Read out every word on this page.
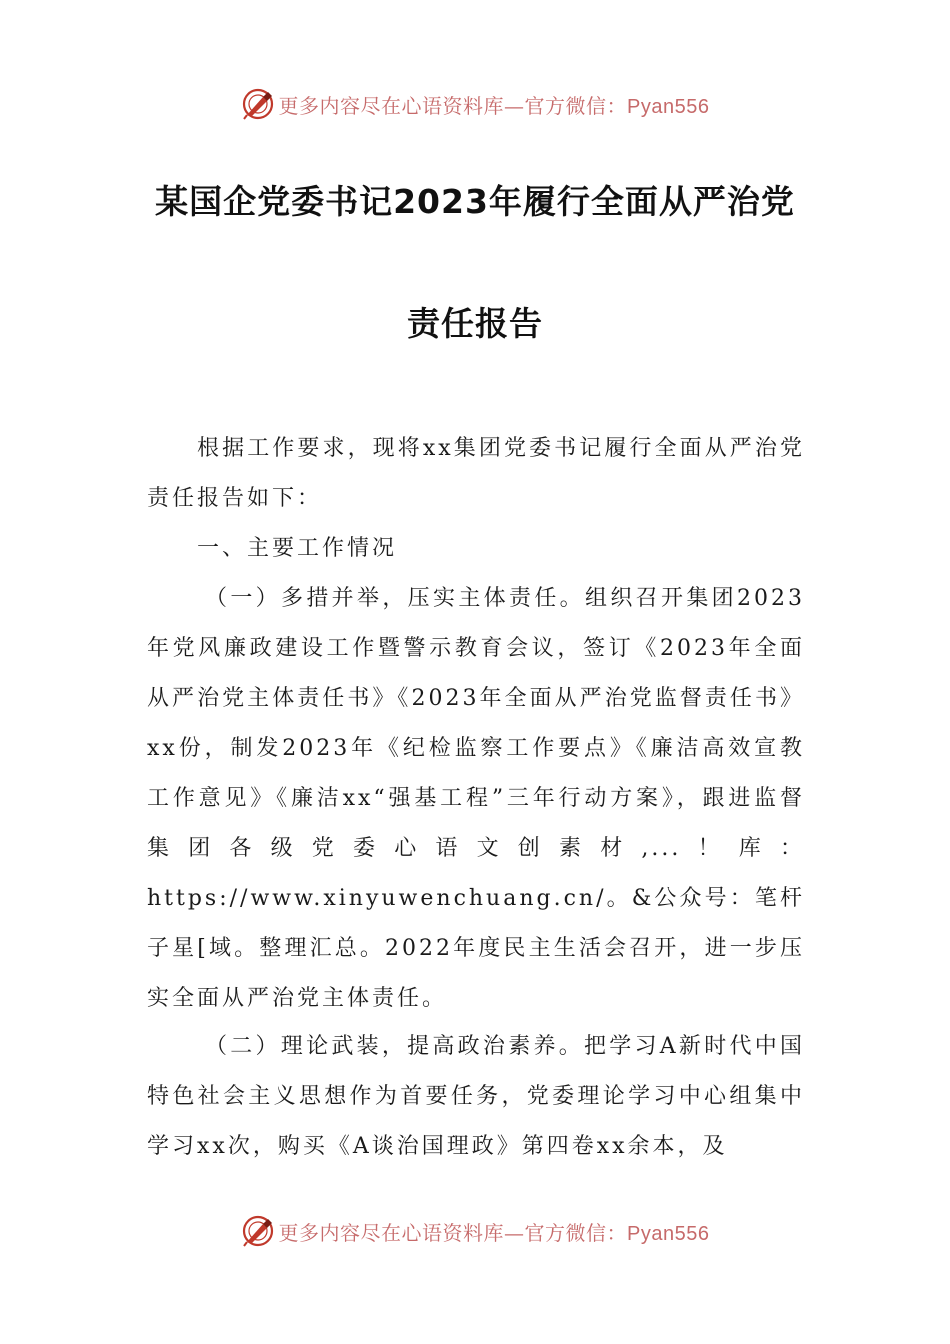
更多内容尽在心语资料库—官方微信：Pyan556
某国企党委书记2023年履行全面从严治党
责任报告

根据工作要求，现将xx集团党委书记履行全面从严治党责任报告如下：

一、主要工作情况

（一）多措并举，压实主体责任。组织召开集团2023年党风廉政建设工作暨警示教育会议，签订《2023年全面从严治党主体责任书》《2023年全面从严治党监督责任书》xx份，制发2023年《纪检监察工作要点》《廉洁高效宣教工作意见》《廉洁xx“强基工程”三年行动方案》，跟进监督集团各级党委心语文创素材,...！库：https://www.xinyuwenchuang.cn/。&公众号：笔杆子星[域。整理汇总。2022年度民主生活会召开，进一步压实全面从严治党主体责任。

（二）理论武装，提高政治素养。把学习A新时代中国特色社会主义思想作为首要任务，党委理论学习中心组集中学习xx次，购买《A谈治国理政》第四卷xx余本，及

更多内容尽在心语资料库—官方微信：Pyan556
